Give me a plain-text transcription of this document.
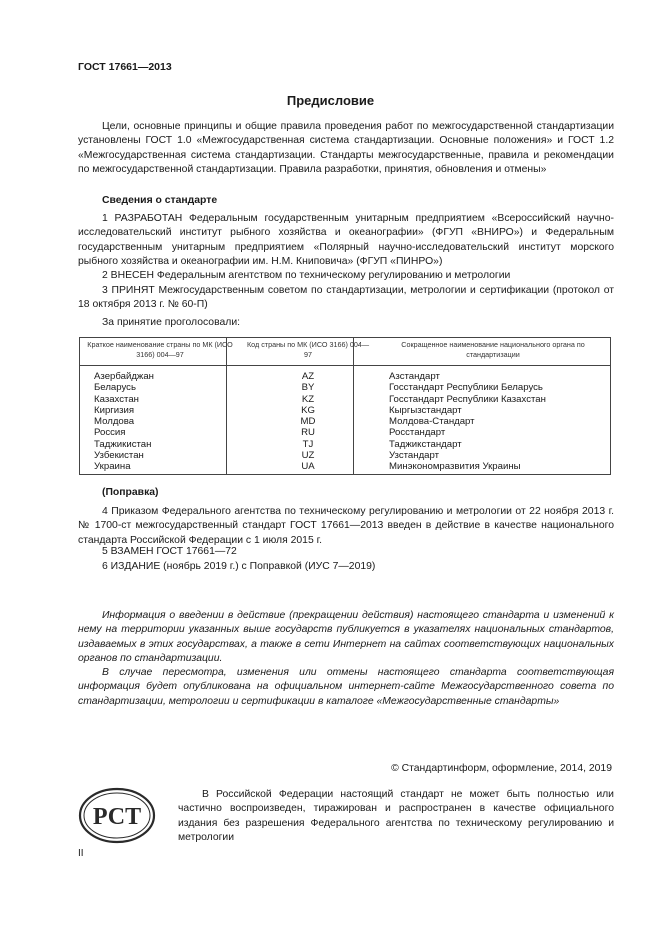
ГОСТ 17661—2013
Предисловие
Цели, основные принципы и общие правила проведения работ по межгосударственной стандартизации установлены ГОСТ 1.0 «Межгосударственная система стандартизации. Основные положения» и ГОСТ 1.2 «Межгосударственная система стандартизации. Стандарты межгосударственные, правила и рекомендации по межгосударственной стандартизации. Правила разработки, принятия, обновления и отмены»
Сведения о стандарте
1 РАЗРАБОТАН Федеральным государственным унитарным предприятием «Всероссийский научно-исследовательский институт рыбного хозяйства и океанографии» (ФГУП «ВНИРО») и Федеральным государственным унитарным предприятием «Полярный научно-исследовательский институт морского рыбного хозяйства и океанографии им. Н.М. Книповича» (ФГУП «ПИНРО»)
2 ВНЕСЕН Федеральным агентством по техническому регулированию и метрологии
3 ПРИНЯТ Межгосударственным советом по стандартизации, метрологии и сертификации (протокол от 18 октября 2013 г. № 60-П)
За принятие проголосовали:
Краткое наименование страны по МК (ИСО 3166) 004—97	Код страны по МК (ИСО 3166) 004—97	Сокращенное наименование национального органа по стандартизации
Азербайджан	AZ	Азстандарт
Беларусь	BY	Госстандарт Республики Беларусь
Казахстан	KZ	Госстандарт Республики Казахстан
Киргизия	KG	Кыргызстандарт
Молдова	MD	Молдова-Стандарт
Россия	RU	Росстандарт
Таджикистан	TJ	Таджикстандарт
Узбекистан	UZ	Узстандарт
Украина	UA	Минэкономразвития Украины
(Поправка)
4 Приказом Федерального агентства по техническому регулированию и метрологии от 22 ноября 2013 г. № 1700-ст межгосударственный стандарт ГОСТ 17661—2013 введен в действие в качестве национального стандарта Российской Федерации с 1 июля 2015 г.
5 ВЗАМЕН ГОСТ 17661—72
6 ИЗДАНИЕ (ноябрь 2019 г.) с Поправкой (ИУС 7—2019)
Информация о введении в действие (прекращении действия) настоящего стандарта и изменений к нему на территории указанных выше государств публикуется в указателях национальных стандартов, издаваемых в этих государствах, а также в сети Интернет на сайтах соответствующих национальных органов по стандартизации.
В случае пересмотра, изменения или отмены настоящего стандарта соответствующая информация будет опубликована на официальном интернет-сайте Межгосударственного совета по стандартизации, метрологии и сертификации в каталоге «Межгосударственные стандарты»
© Стандартинформ, оформление, 2014, 2019
РСТ
В Российской Федерации настоящий стандарт не может быть полностью или частично воспроизведен, тиражирован и распространен в качестве официального издания без разрешения Федерального агентства по техническому регулированию и метрологии
II
